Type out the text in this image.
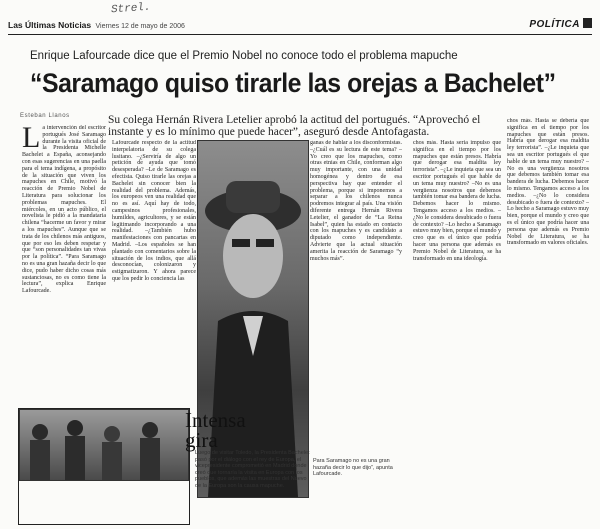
Las Últimas Noticias Viernes 12 de mayo de 2006
Strel.
POLÍTICA
Enrique Lafourcade dice que el Premio Nobel no conoce todo el problema mapuche
“Saramago quiso tirarle las orejas a Bachelet”
Esteban Llanos	Su colega Hernán Rivera Letelier aprobó la actitud del portugués. “Aprovechó el instante y es lo mínimo que puede hacer”, aseguró desde Antofagasta.
La intervención del escritor portugués José Saramago durante la visita oficial de la Presidenta Michelle Bachelet a España, aconsejando con esas sugerencias en una paella para el tema indígena, a propósito de la situación que viven los mapuches en Chile, motivó la reacción de Premio Nobel de Literatura para solucionar los problemas mapuches. El miércoles, en un acto público, el novelista le pidió a la mandataria chilena “hacerme un favor y mirar a los mapuches”. Aunque que se trata de los chilenos más antiguos, que por eso les deben respetar y que “son personalidades tan vivas por la política”. “Para Saramago no es una gran hazaña decir lo que dice, pudo haber dicho cosas más sustanciosas, no es como tiene la lectura”, explica Enrique Lafourcade.
Lafourcade respecto de la actitud interpelatoria de su colega lusitano. –¿Serviría de algo un petición de ayuda que tomó desesperada? –Le de Saramago es efectista. Quiso tirarle las orejas a Bachelet sin conocer bien la realidad del problema. Además, los europeos ven una realidad que no es así. Aquí hay de todo, campesinos profesionales, humildes, agricultores, y se están legitimando incorporando a una realidad. –¿También hubo manifestaciones con pancartas en Madrid. –Los españoles se han plantado con comentarios sobre la situación de los indios, que allá desconocían, colonizaron y estigmatizaron. Y ahora parece que los pedir lo conciencia las
ganas de hablar a los disconformistas. –¿Cuál es su lectura de este tema? –Yo creo que los mapuches, como otras etnias en Chile, conforman algo muy importante, con una unidad homogénea y dentro de esa perspectiva hay que entender el problema, porque si imponemos a separar a los chilenos nunca podremos integrar al país. Una visión diferente entrega Hernán Rivera Letelier, el ganador de “La Reina Isabel”, quien ha estado en contacto con los mapuches y es candidato a diputado como independiente. Advierte que la actual situación amerita la reacción de Saramago “y muchos más”.
chos más. Hasta seria impulso que significa en el tiempo por los mapuches que están presos. Habría que derogar esa maldita ley terrorista”. –¿Le inquieta que sea un escritor portugués el que hable de un tema muy nuestro? –No es una vergüenza nosotros que debemos también tomar esa bandera de lucha. Debemos hacer lo mismo. Tengamos acceso a los medios. –¿No le considera desubicado o fuera de contexto? –Lo hecho a Saramago estuvo muy bien, porque el mundo y creo que es el único que podría hacer una persona que además es Premio Nobel de Literatura, se ha transformado en una ideología.
chos más. Hasta se debería que significa en el tiempo por los mapuches que están presos. Habría que derogar esa maldita ley terrorista”. –¿Le inquieta que sea un escritor portugués el que hable de un tema muy nuestro? –No es una vergüenza nosotros que debemos también tomar esa bandera de lucha. Debemos hacer lo mismo. Tengamos acceso a los medios. –¿No lo considera desubicado o fuera de contexto? –Lo hecho a Saramago estuvo muy bien, porque el mundo y creo que es el único que podría hacer una persona que además es Premio Nobel de Literatura, se ha transformado en valores oficiales.
Para Saramago no es una gran hazaña decir lo que dijo”, apunta Lafourcade.
Intensa
gira
Luego de visitar Toledo, la Presidenta Bachelet pasó por el diálogo con el rey de Europa, el vicepresidente comprometió en Madrid donde creó que tornaría la visita en Europa con los pueblos, que además las muestras del Nuevo de la Europa son la causa mapuche.
